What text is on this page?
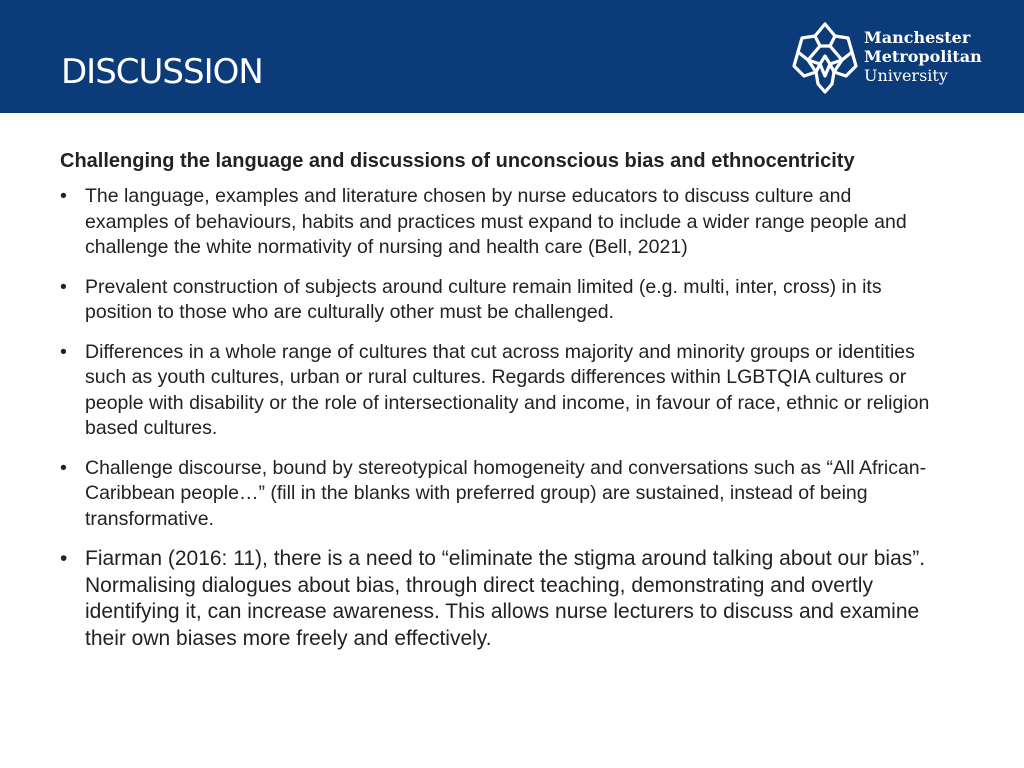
DISCUSSION
Manchester
Metropolitan
University
Challenging the language and discussions of unconscious bias and ethnocentricity
• The language, examples and literature chosen by nurse educators to discuss culture and examples of behaviours, habits and practices must expand to include a wider range people and challenge the white normativity of nursing and health care (Bell, 2021)
• Prevalent construction of subjects around culture remain limited (e.g. multi, inter, cross) in its position to those who are culturally other must be challenged.
• Differences in a whole range of cultures that cut across majority and minority groups or identities such as youth cultures, urban or rural cultures. Regards differences within LGBTQIA cultures or people with disability or the role of intersectionality and income, in favour of race, ethnic or religion based cultures.
• Challenge discourse, bound by stereotypical homogeneity and conversations such as “All African-Caribbean people…” (fill in the blanks with preferred group) are sustained, instead of being transformative.
• Fiarman (2016: 11), there is a need to “eliminate the stigma around talking about our bias”. Normalising dialogues about bias, through direct teaching, demonstrating and overtly identifying it, can increase awareness. This allows nurse lecturers to discuss and examine their own biases more freely and effectively.
